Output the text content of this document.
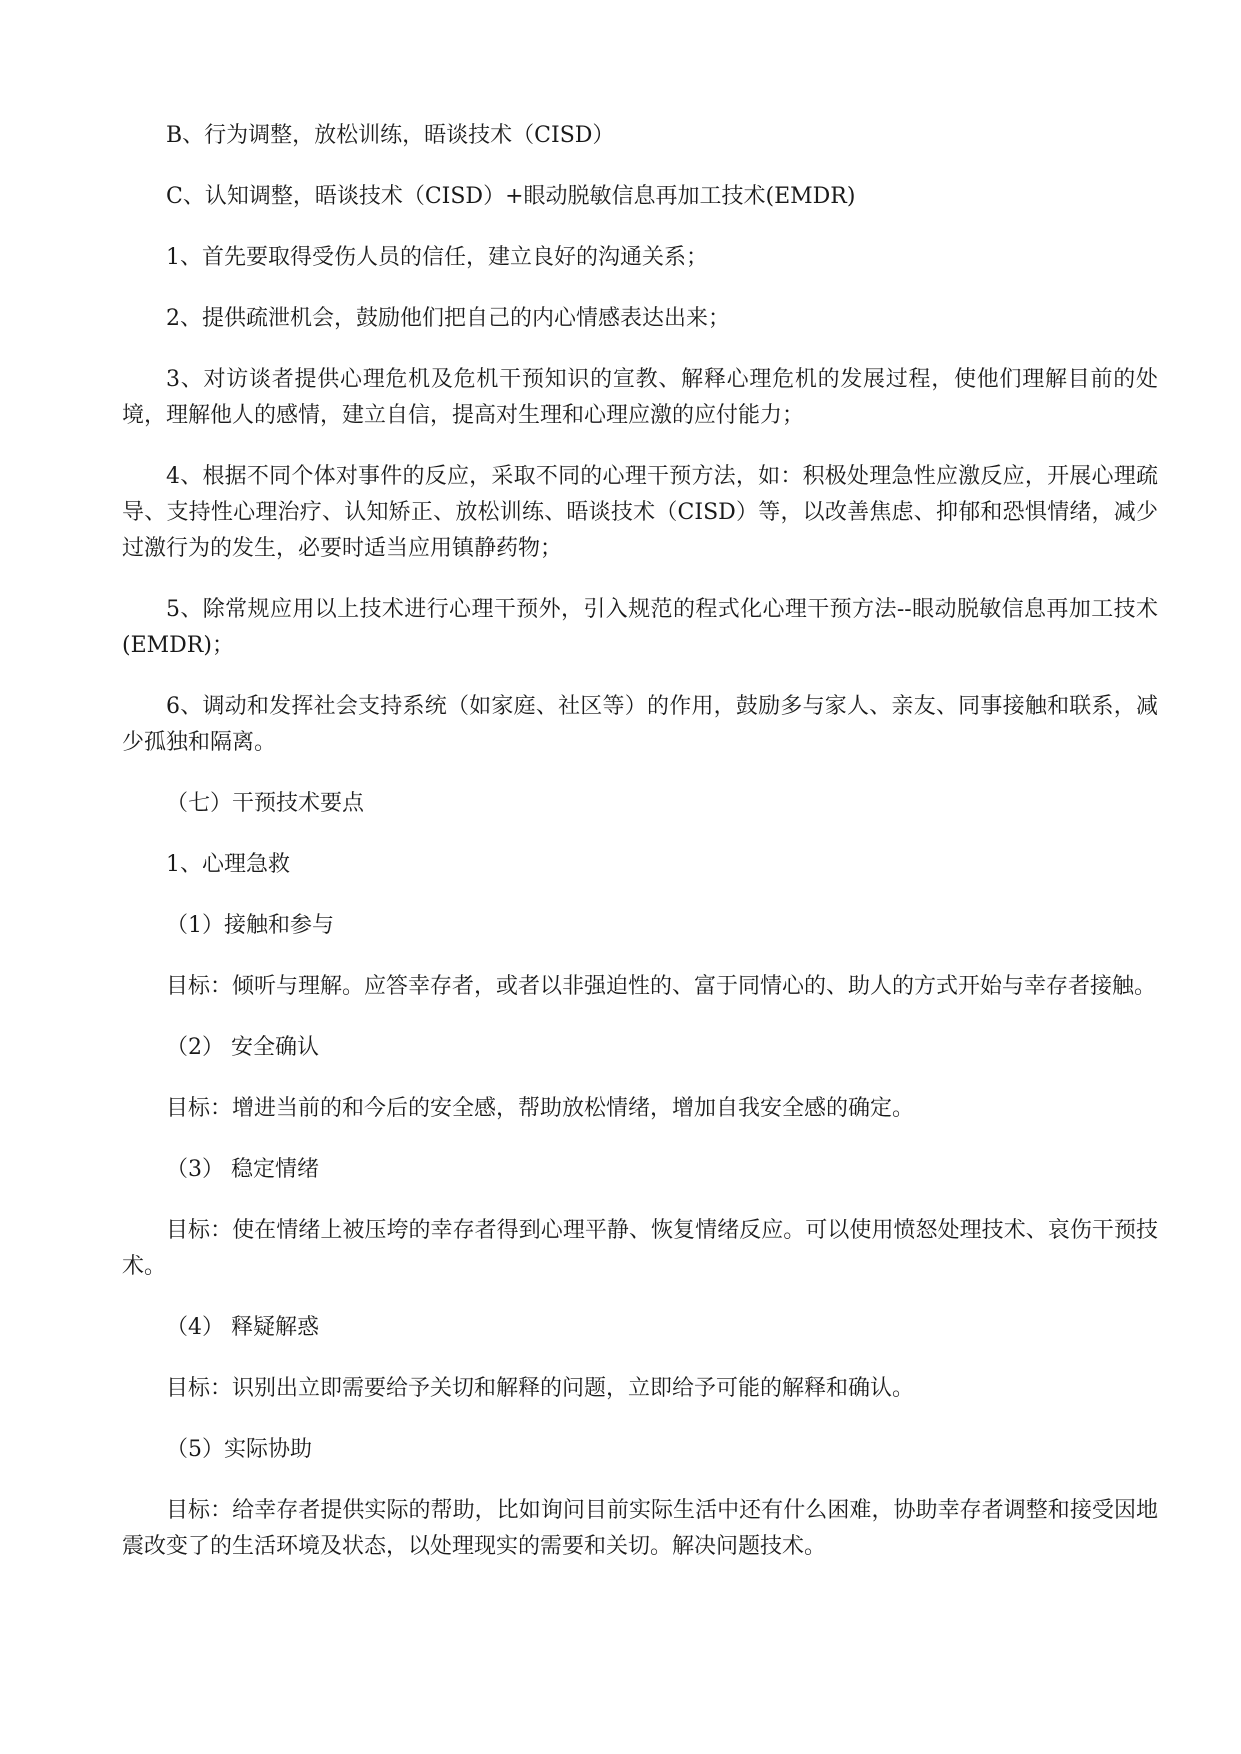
B、行为调整，放松训练，晤谈技术（CISD）

C、认知调整，晤谈技术（CISD）+眼动脱敏信息再加工技术(EMDR)

1、首先要取得受伤人员的信任，建立良好的沟通关系；

2、提供疏泄机会，鼓励他们把自己的内心情感表达出来；

3、对访谈者提供心理危机及危机干预知识的宣教、解释心理危机的发展过程，使他们理解目前的处境，理解他人的感情，建立自信，提高对生理和心理应激的应付能力；

4、根据不同个体对事件的反应，采取不同的心理干预方法，如：积极处理急性应激反应，开展心理疏导、支持性心理治疗、认知矫正、放松训练、晤谈技术（CISD）等，以改善焦虑、抑郁和恐惧情绪，减少过激行为的发生，必要时适当应用镇静药物；

5、除常规应用以上技术进行心理干预外，引入规范的程式化心理干预方法--眼动脱敏信息再加工技术(EMDR)；

6、调动和发挥社会支持系统（如家庭、社区等）的作用，鼓励多与家人、亲友、同事接触和联系，减少孤独和隔离。

（七）干预技术要点

1、心理急救

（1）接触和参与

目标：倾听与理解。应答幸存者，或者以非强迫性的、富于同情心的、助人的方式开始与幸存者接触。

（2） 安全确认

目标：增进当前的和今后的安全感，帮助放松情绪，增加自我安全感的确定。

（3） 稳定情绪

目标：使在情绪上被压垮的幸存者得到心理平静、恢复情绪反应。可以使用愤怒处理技术、哀伤干预技术。

（4） 释疑解惑

目标：识别出立即需要给予关切和解释的问题，立即给予可能的解释和确认。

（5）实际协助

目标：给幸存者提供实际的帮助，比如询问目前实际生活中还有什么困难，协助幸存者调整和接受因地震改变了的生活环境及状态，以处理现实的需要和关切。解决问题技术。
